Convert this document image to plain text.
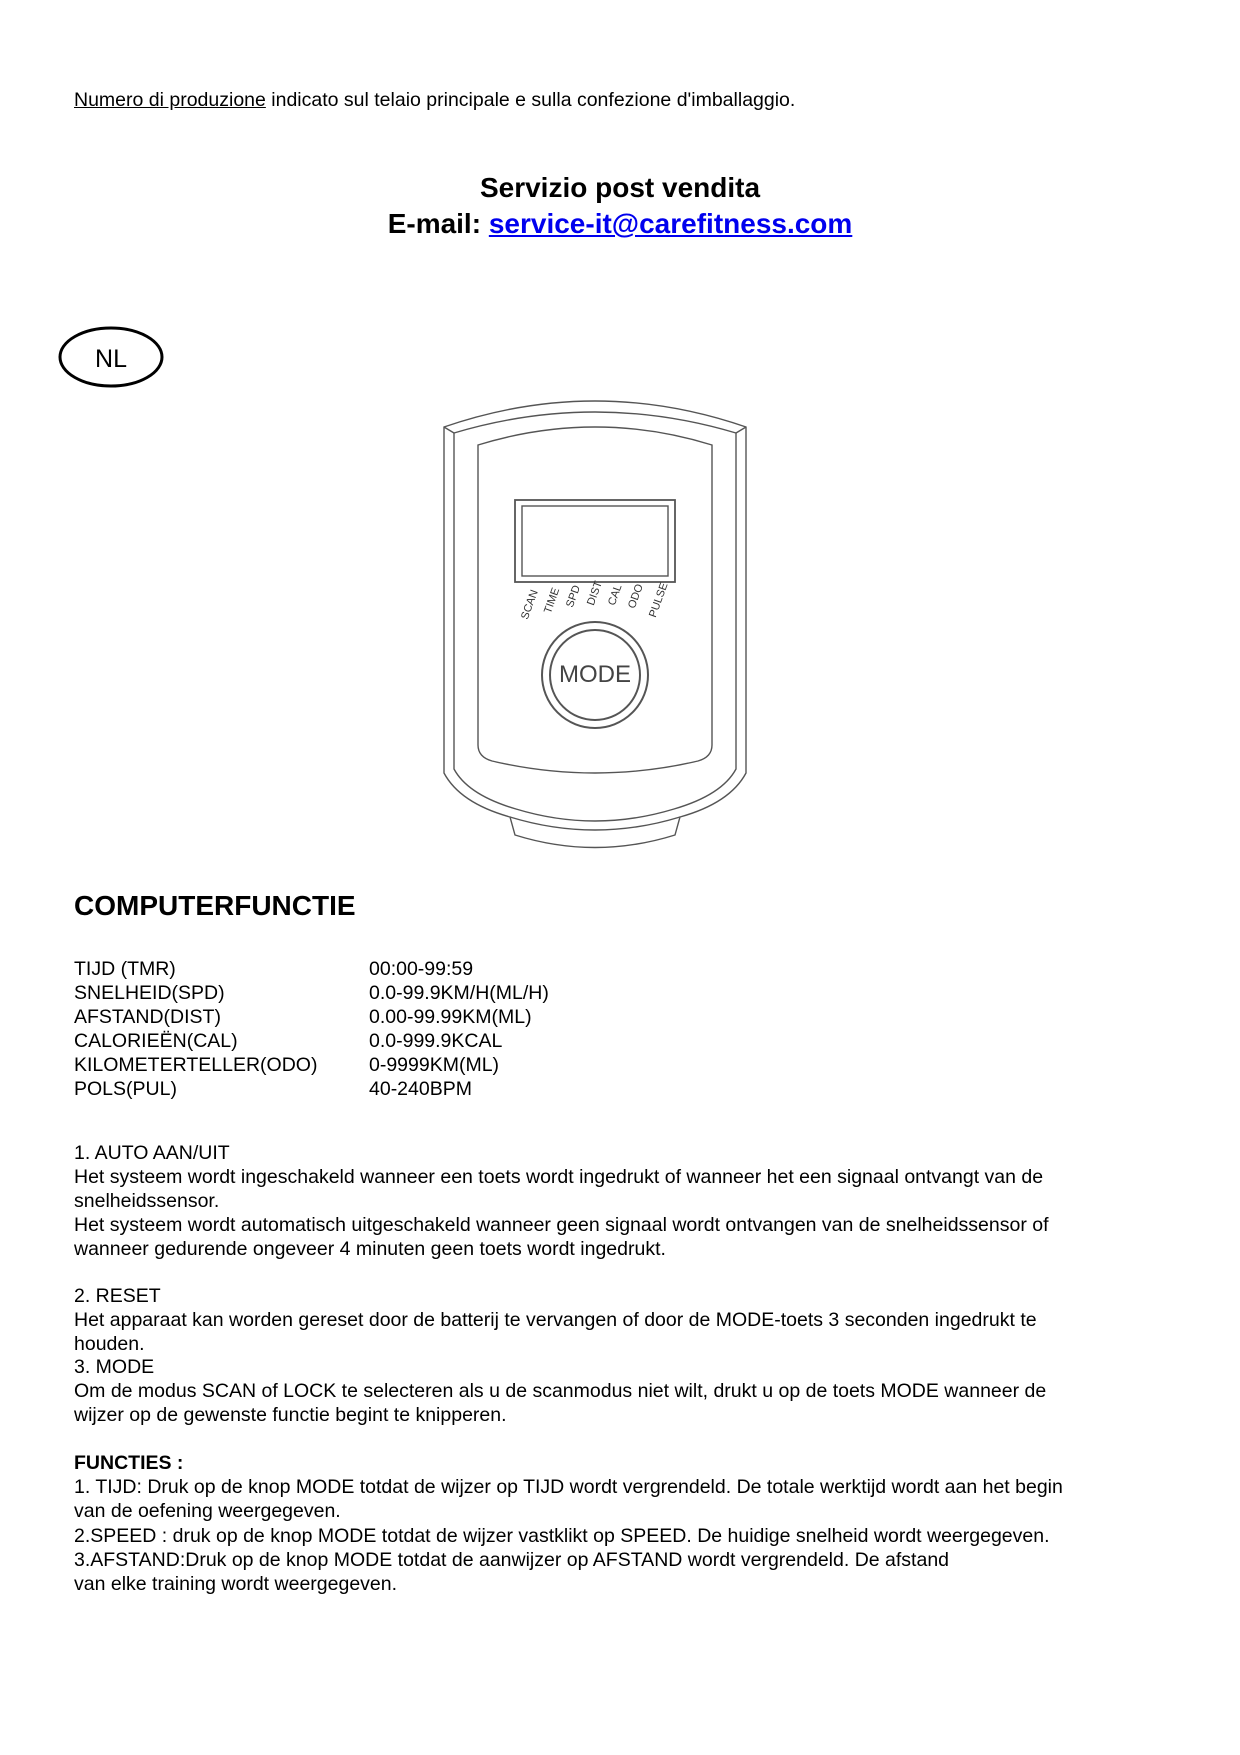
Numero di produzione indicato sul telaio principale e sulla confezione d'imballaggio.
Servizio post vendita
E-mail: service-it@carefitness.com
NL
SCAN TIME SPD DIST CAL ODO PULSE
MODE
COMPUTERFUNCTIE
TIJD (TMR)	00:00-99:59
SNELHEID(SPD)	0.0-99.9KM/H(ML/H)
AFSTAND(DIST)	0.00-99.99KM(ML)
CALORIEËN(CAL)	0.0-999.9KCAL
KILOMETERTELLER(ODO)	0-9999KM(ML)
POLS(PUL)	40-240BPM
1. AUTO AAN/UIT
Het systeem wordt ingeschakeld wanneer een toets wordt ingedrukt of wanneer het een signaal ontvangt van de
snelheidssensor.
Het systeem wordt automatisch uitgeschakeld wanneer geen signaal wordt ontvangen van de snelheidssensor of
wanneer gedurende ongeveer 4 minuten geen toets wordt ingedrukt.
2. RESET
Het apparaat kan worden gereset door de batterij te vervangen of door de MODE-toets 3 seconden ingedrukt te
houden.
3. MODE
Om de modus SCAN of LOCK te selecteren als u de scanmodus niet wilt, drukt u op de toets MODE wanneer de
wijzer op de gewenste functie begint te knipperen.
FUNCTIES :
1. TIJD: Druk op de knop MODE totdat de wijzer op TIJD wordt vergrendeld. De totale werktijd wordt aan het begin
van de oefening weergegeven.
2.SPEED : druk op de knop MODE totdat de wijzer vastklikt op SPEED. De huidige snelheid wordt weergegeven.
3.AFSTAND:Druk op de knop MODE totdat de aanwijzer op AFSTAND wordt vergrendeld. De afstand
van elke training wordt weergegeven.
